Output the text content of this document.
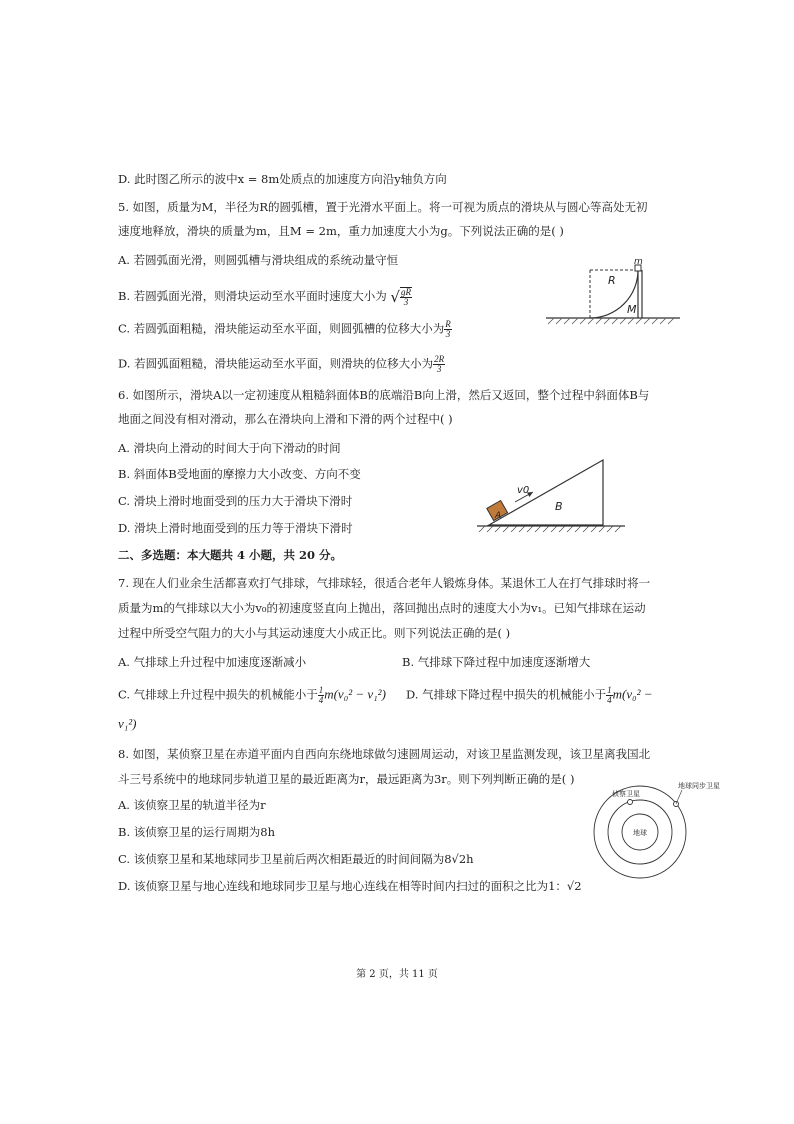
D. 此时图乙所示的波中x = 8m处质点的加速度方向沿y轴负方向
5. 如图，质量为M，半径为R的圆弧槽，置于光滑水平面上。将一可视为质点的滑块从与圆心等高处无初
速度地释放，滑块的质量为m，且M = 2m，重力加速度大小为g。下列说法正确的是( )
A. 若圆弧面光滑，则圆弧槽与滑块组成的系统动量守恒
B. 若圆弧面光滑，则滑块运动至水平面时速度大小为 √ $\frac{gR}{3}$
C. 若圆弧面粗糙，滑块能运动至水平面，则圆弧槽的位移大小为 $\frac{R}{3}$
D. 若圆弧面粗糙，滑块能运动至水平面，则滑块的位移大小为 $\frac{2R}{3}$
m
R
M
6. 如图所示，滑块A以一定初速度从粗糙斜面体B的底端沿B向上滑，然后又返回，整个过程中斜面体B与
地面之间没有相对滑动，那么在滑块向上滑和下滑的两个过程中( )
A. 滑块向上滑动的时间大于向下滑动的时间
B. 斜面体B受地面的摩擦力大小改变、方向不变
C. 滑块上滑时地面受到的压力大于滑块下滑时
D. 滑块上滑时地面受到的压力等于滑块下滑时
v0
A
B
二、多选题：本大题共 4 小题，共 20 分。
7. 现在人们业余生活都喜欢打气排球，气排球轻，很适合老年人锻炼身体。某退休工人在打气排球时将一
质量为m的气排球以大小为v₀的初速度竖直向上抛出，落回抛出点时的速度大小为v₁。已知气排球在运动
过程中所受空气阻力的大小与其运动速度大小成正比。则下列说法正确的是( )
A. 气排球上升过程中加速度逐渐减小	B. 气排球下降过程中加速度逐渐增大
C. 气排球上升过程中损失的机械能小于 $\frac{1}{4} m(v_0^2 - v_1^2)$ D. 气排球下降过程中损失的机械能小于 $\frac{1}{4} m(v_0^2$ −
v₁²)
8. 如图，某侦察卫星在赤道平面内自西向东绕地球做匀速圆周运动，对该卫星监测发现，该卫星离我国北
斗三号系统中的地球同步轨道卫星的最近距离为r，最远距离为3r。则下列判断正确的是( )
A. 该侦察卫星的轨道半径为r
B. 该侦察卫星的运行周期为8h
C. 该侦察卫星和某地球同步卫星前后两次相距最近的时间间隔为8√2h
D. 该侦察卫星与地心连线和地球同步卫星与地心连线在相等时间内扫过的面积之比为1：√2
侦察卫星
地球同步卫星
地球
第 2 页，共 11 页
